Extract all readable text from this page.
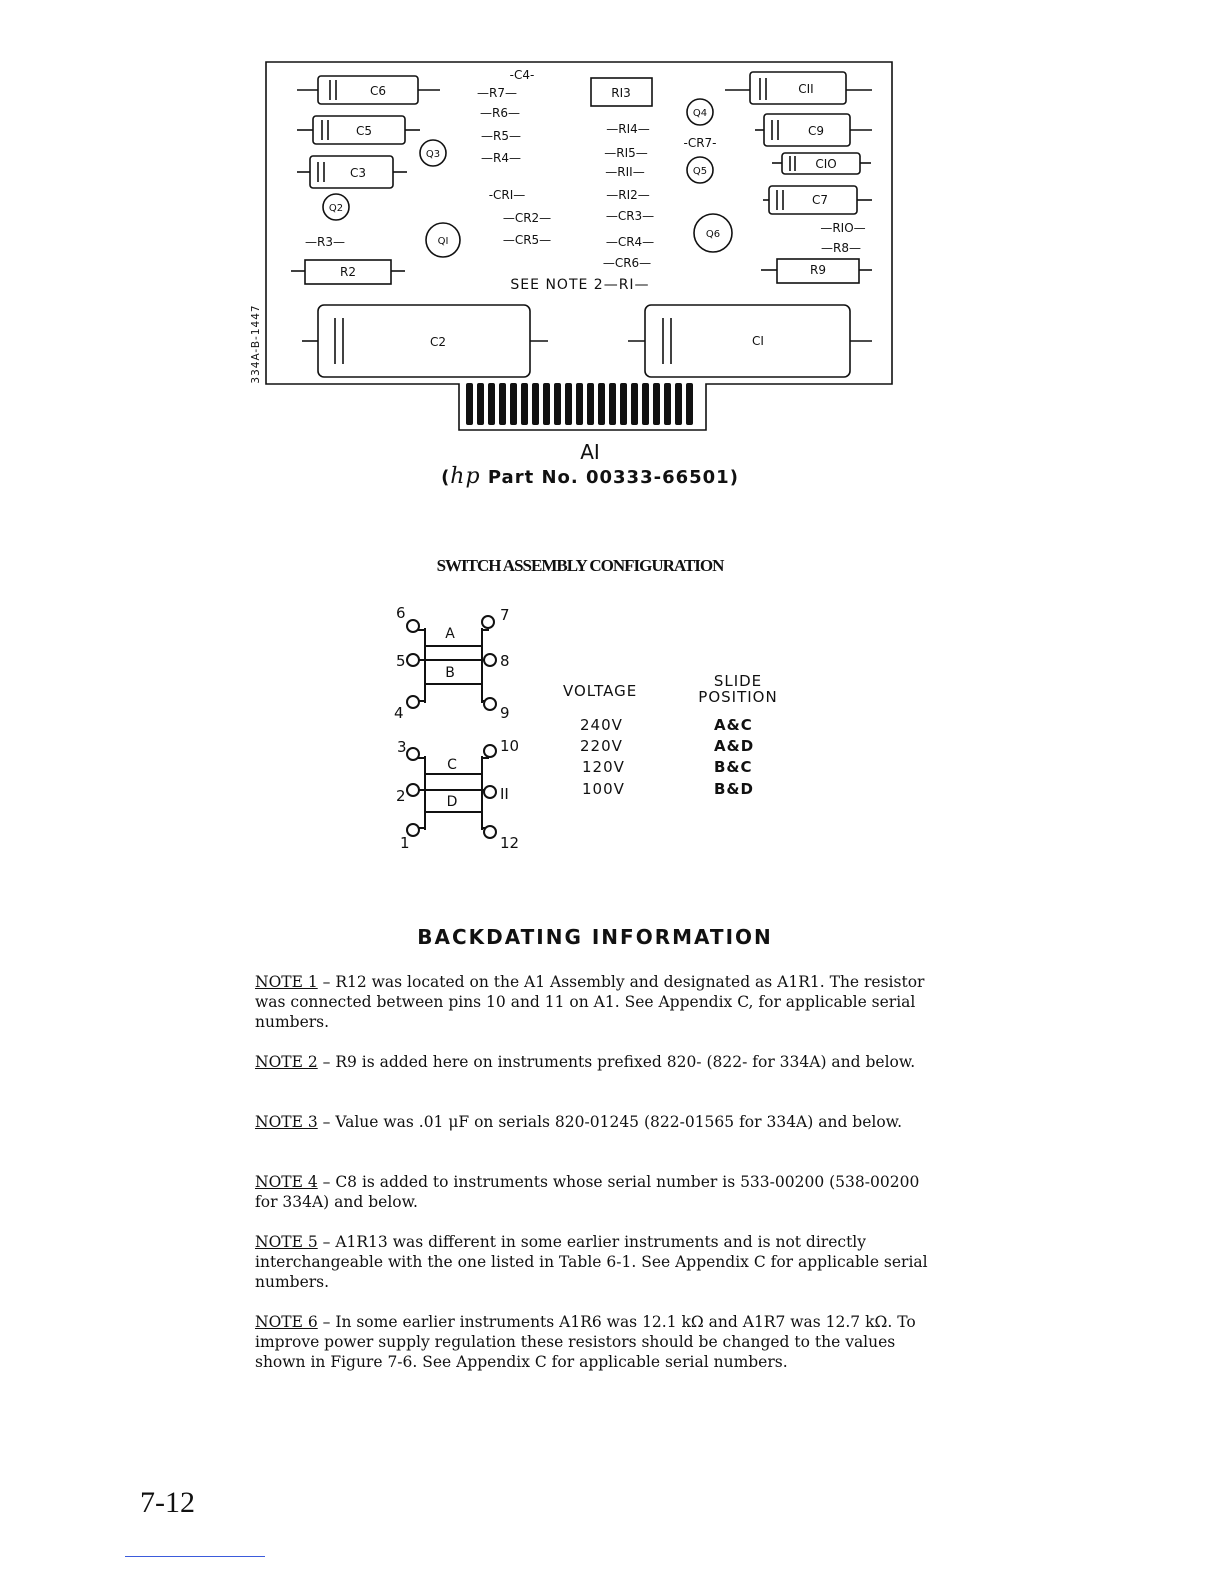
334A-B-1447
C6
C5
C3
R2
RI3	CII
C9
CIO
C7
R9
C2	CI
Q3
Q2
QI
Q4
Q5
Q6
-C4-
—R7—
—R6—
—R5—
—R4—
—RI4—
-CR7-
—RI5—
—RII—
—RI2—
-CRI—
—CR2—	—CR3—
—CR5—	—CR4—
—CR6—
—R3—
—RIO—
—R8—
SEE NOTE 2—RI—
AI
(hp Part No. 00333-66501)
SWITCH ASSEMBLY CONFIGURATION
A
B
C
D
6	7
5	8
4	9
3	10
2	II
1	12
VOLTAGE
SLIDE
POSITION
240V	A&C
220V	A&D
120V	B&C
100V	B&D
BACKDATING INFORMATION
NOTE 1 – R12 was located on the A1 Assembly and designated as A1R1. The resistor was connected between pins 10 and 11 on A1. See Appendix C, for applicable serial numbers.
NOTE 2 – R9 is added here on instruments prefixed 820- (822- for 334A) and below.
NOTE 3 – Value was .01 μF on serials 820-01245 (822-01565 for 334A) and below.
NOTE 4 – C8 is added to instruments whose serial number is 533-00200 (538-00200 for 334A) and below.
NOTE 5 – A1R13 was different in some earlier instruments and is not directly interchangeable with the one listed in Table 6-1. See Appendix C for applicable serial numbers.
NOTE 6 – In some earlier instruments A1R6 was 12.1 kΩ and A1R7 was 12.7 kΩ. To improve power supply regulation these resistors should be changed to the values shown in Figure 7-6. See Appendix C for applicable serial numbers.
7-12
